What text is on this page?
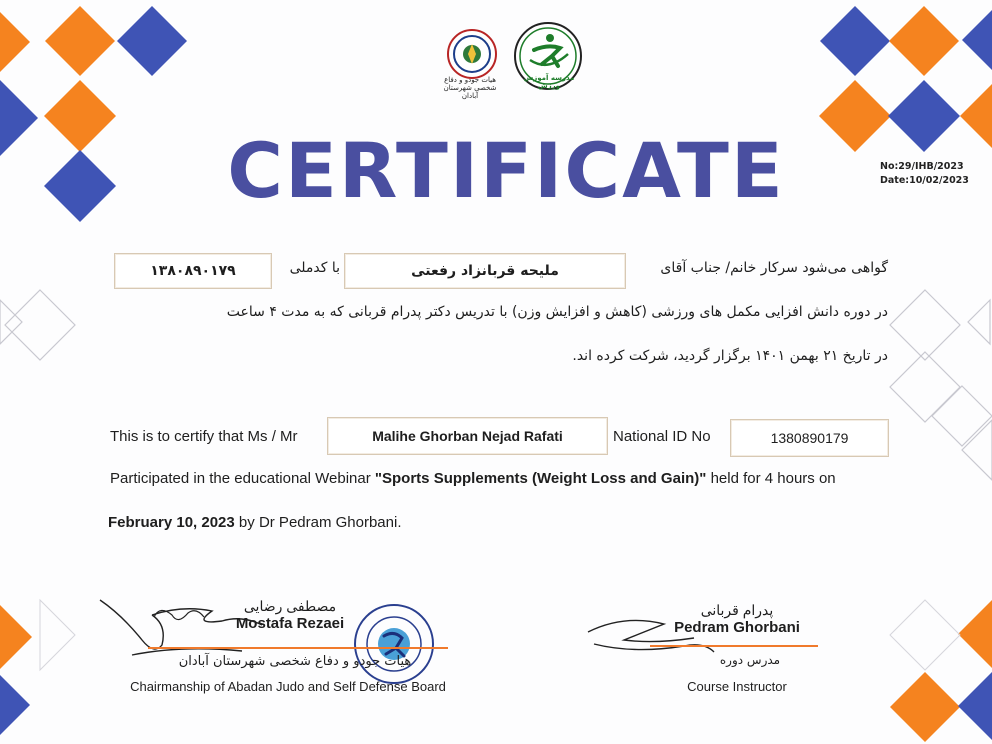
هیات جودو و دفاع شخصی شهرستان آبادان
مدرسه آموزش ورزش
CERTIFICATE	No:29/IHB/2023
Date:10/02/2023
گواهی می‌شود سرکار خانم/ جناب آقای
ملیحه قربانزاد رفعتی
با کدملی
۱۳۸۰۸۹۰۱۷۹
در دوره دانش افزایی مکمل های ورزشی (کاهش و افزایش وزن) با تدریس دکتر پدرام قربانی که به مدت ۴ ساعت
در تاریخ ۲۱ بهمن ۱۴۰۱ برگزار گردید، شرکت کرده اند.
This is to certify that Ms / Mr	Malihe Ghorban Nejad Rafati	National ID No	1380890179
Participated in the educational Webinar "Sports Supplements (Weight Loss and Gain)" held for 4 hours on
February 10, 2023 by Dr Pedram Ghorbani.
مصطفی رضایی
Mostafa Rezaei
هیات جودو و دفاع شخصی شهرستان آبادان
Chairmanship of Abadan Judo and Self Defense Board
پدرام قربانی
Pedram Ghorbani
مدرس دوره
Course Instructor
